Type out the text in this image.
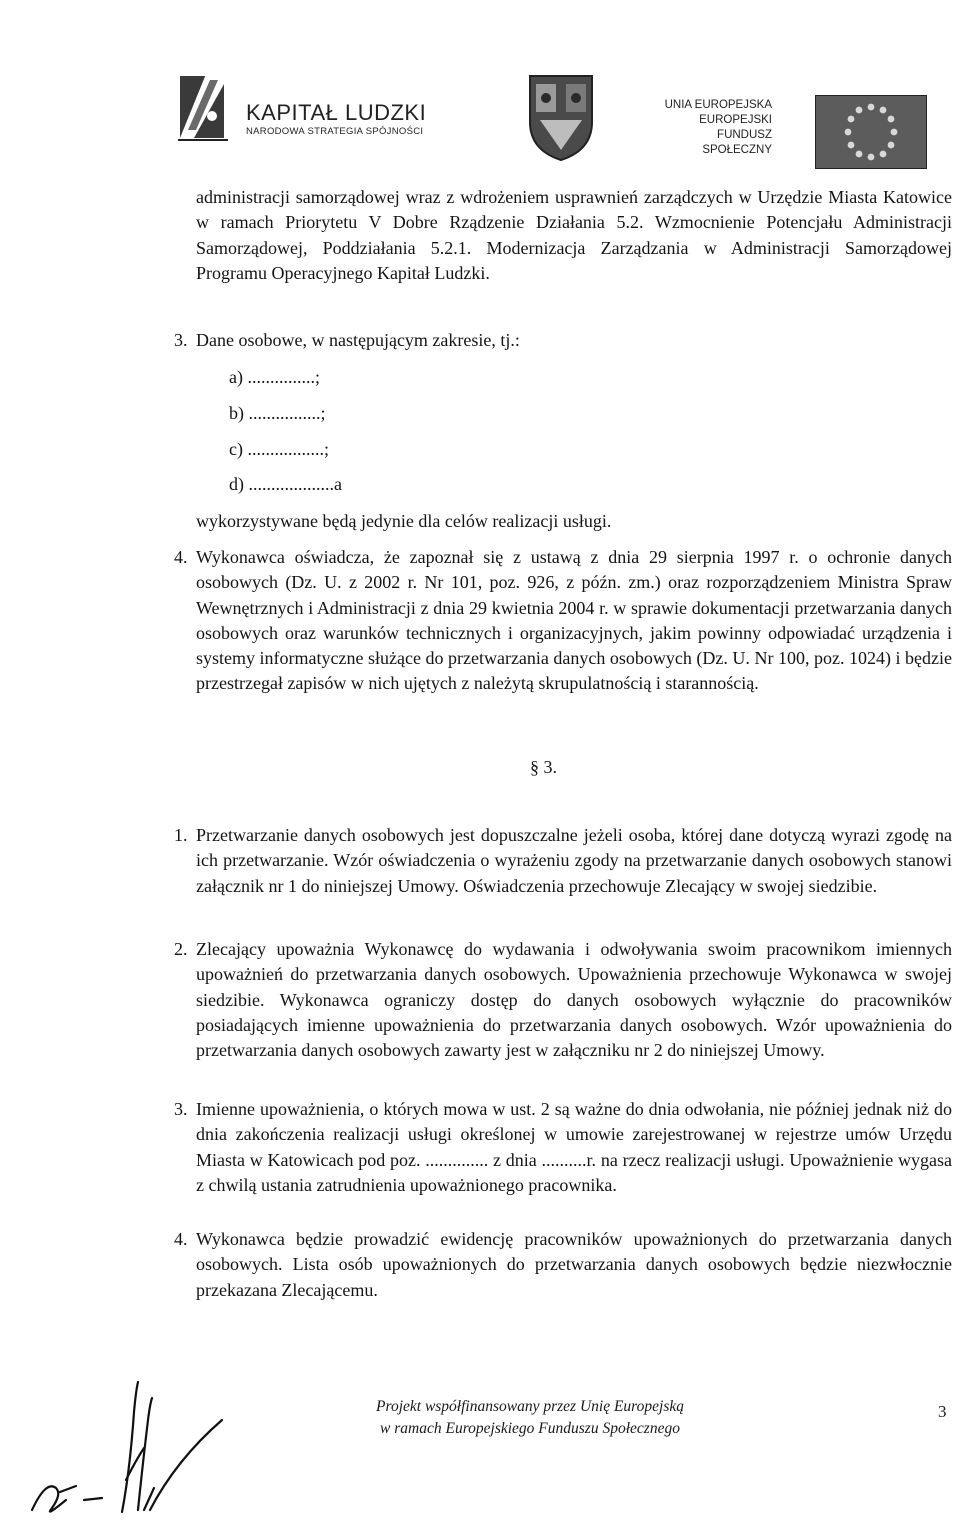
KAPITAŁ LUDZKI
NARODOWA STRATEGIA SPÓJNOŚCI
UNIA EUROPEJSKA
EUROPEJSKI
FUNDUSZ SPOŁECZNY
administracji samorządowej wraz z wdrożeniem usprawnień zarządczych w Urzędzie Miasta Katowice w ramach Priorytetu V Dobre Rządzenie Działania 5.2. Wzmocnienie Potencjału Administracji Samorządowej, Poddziałania 5.2.1. Modernizacja Zarządzania w Administracji Samorządowej Programu Operacyjnego Kapitał Ludzki.
3. Dane osobowe, w następującym zakresie, tj.:
a) ...............;
b) ................;
c) .................;
d) ...................a
wykorzystywane będą jedynie dla celów realizacji usługi.
4. Wykonawca oświadcza, że zapoznał się z ustawą z dnia 29 sierpnia 1997 r. o ochronie danych osobowych (Dz. U. z 2002 r. Nr 101, poz. 926, z późn. zm.) oraz rozporządzeniem Ministra Spraw Wewnętrznych i Administracji z dnia 29 kwietnia 2004 r. w sprawie dokumentacji przetwarzania danych osobowych oraz warunków technicznych i organizacyjnych, jakim powinny odpowiadać urządzenia i systemy informatyczne służące do przetwarzania danych osobowych (Dz. U. Nr 100, poz. 1024) i będzie przestrzegał zapisów w nich ujętych z należytą skrupulatnością i starannością.
§ 3.
1. Przetwarzanie danych osobowych jest dopuszczalne jeżeli osoba, której dane dotyczą wyrazi zgodę na ich przetwarzanie. Wzór oświadczenia o wyrażeniu zgody na przetwarzanie danych osobowych stanowi załącznik nr 1 do niniejszej Umowy. Oświadczenia przechowuje Zlecający w swojej siedzibie.
2. Zlecający upoważnia Wykonawcę do wydawania i odwoływania swoim pracownikom imiennych upoważnień do przetwarzania danych osobowych. Upoważnienia przechowuje Wykonawca w swojej siedzibie. Wykonawca ograniczy dostęp do danych osobowych wyłącznie do pracowników posiadających imienne upoważnienia do przetwarzania danych osobowych. Wzór upoważnienia do przetwarzania danych osobowych zawarty jest w załączniku nr 2 do niniejszej Umowy.
3. Imienne upoważnienia, o których mowa w ust. 2 są ważne do dnia odwołania, nie później jednak niż do dnia zakończenia realizacji usługi określonej w umowie zarejestrowanej w rejestrze umów Urzędu Miasta w Katowicach pod poz. .............. z dnia ..........r. na rzecz realizacji usługi. Upoważnienie wygasa z chwilą ustania zatrudnienia upoważnionego pracownika.
4. Wykonawca będzie prowadzić ewidencję pracowników upoważnionych do przetwarzania danych osobowych. Lista osób upoważnionych do przetwarzania danych osobowych będzie niezwłocznie przekazana Zlecającemu.
Projekt współfinansowany przez Unię Europejską
w ramach Europejskiego Funduszu Społecznego
3
